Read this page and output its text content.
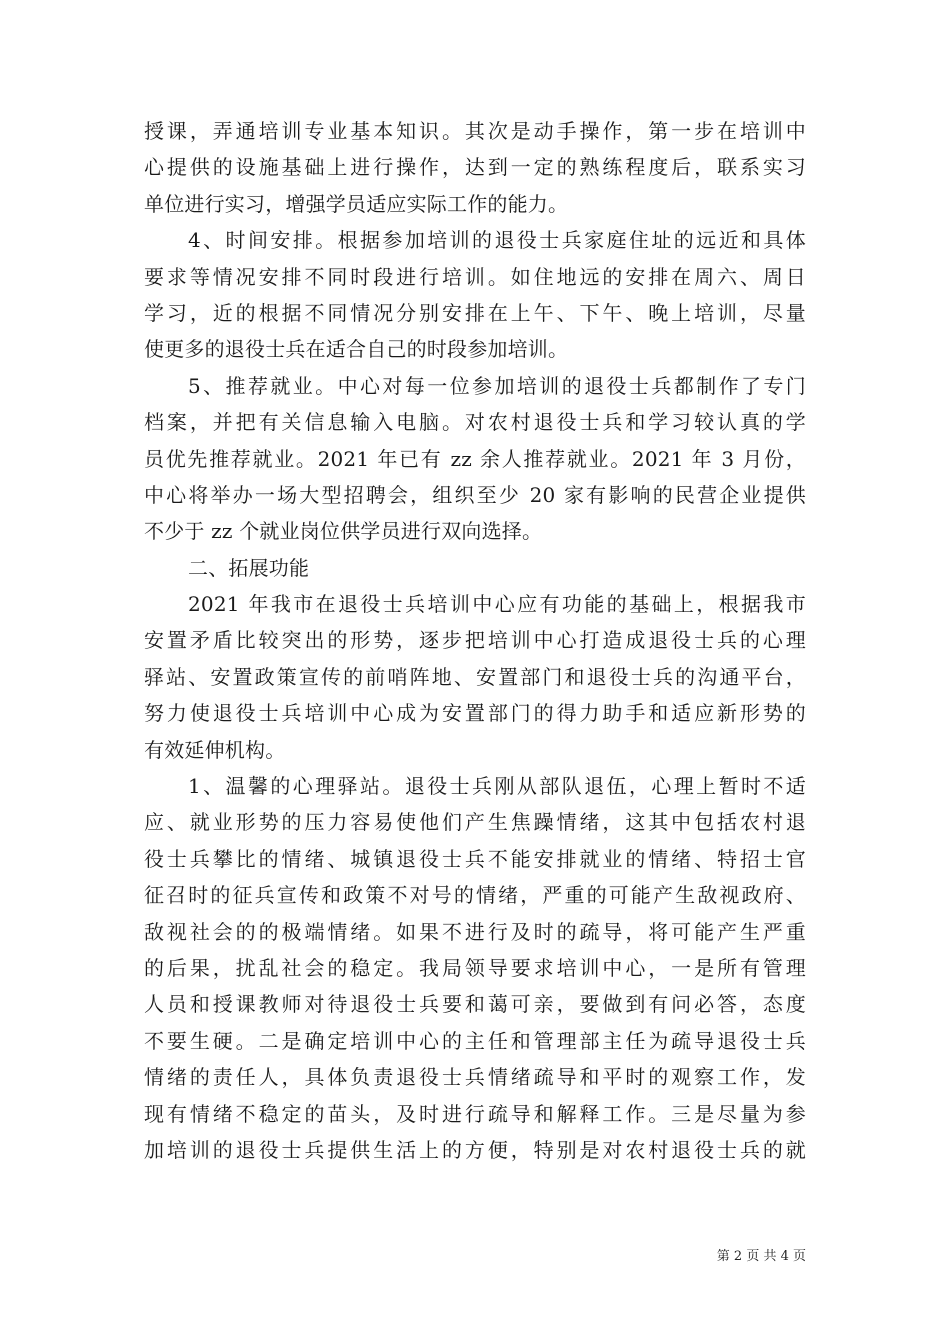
授课，弄通培训专业基本知识。其次是动手操作，第一步在培训中
心提供的设施基础上进行操作，达到一定的熟练程度后，联系实习
单位进行实习，增强学员适应实际工作的能力。
4、时间安排。根据参加培训的退役士兵家庭住址的远近和具体
要求等情况安排不同时段进行培训。如住地远的安排在周六、周日
学习，近的根据不同情况分别安排在上午、下午、晚上培训，尽量
使更多的退役士兵在适合自己的时段参加培训。
5、推荐就业。中心对每一位参加培训的退役士兵都制作了专门
档案，并把有关信息输入电脑。对农村退役士兵和学习较认真的学
员优先推荐就业。2021 年已有 zz 余人推荐就业。2021 年 3 月份，
中心将举办一场大型招聘会，组织至少 20 家有影响的民营企业提供
不少于 zz 个就业岗位供学员进行双向选择。
二、拓展功能
2021 年我市在退役士兵培训中心应有功能的基础上，根据我市
安置矛盾比较突出的形势，逐步把培训中心打造成退役士兵的心理
驿站、安置政策宣传的前哨阵地、安置部门和退役士兵的沟通平台，
努力使退役士兵培训中心成为安置部门的得力助手和适应新形势的
有效延伸机构。
1、温馨的心理驿站。退役士兵刚从部队退伍，心理上暂时不适
应、就业形势的压力容易使他们产生焦躁情绪，这其中包括农村退
役士兵攀比的情绪、城镇退役士兵不能安排就业的情绪、特招士官
征召时的征兵宣传和政策不对号的情绪，严重的可能产生敌视政府、
敌视社会的的极端情绪。如果不进行及时的疏导，将可能产生严重
的后果，扰乱社会的稳定。我局领导要求培训中心，一是所有管理
人员和授课教师对待退役士兵要和蔼可亲，要做到有问必答，态度
不要生硬。二是确定培训中心的主任和管理部主任为疏导退役士兵
情绪的责任人，具体负责退役士兵情绪疏导和平时的观察工作，发
现有情绪不稳定的苗头，及时进行疏导和解释工作。三是尽量为参
加培训的退役士兵提供生活上的方便，特别是对农村退役士兵的就
第 2 页 共 4 页
